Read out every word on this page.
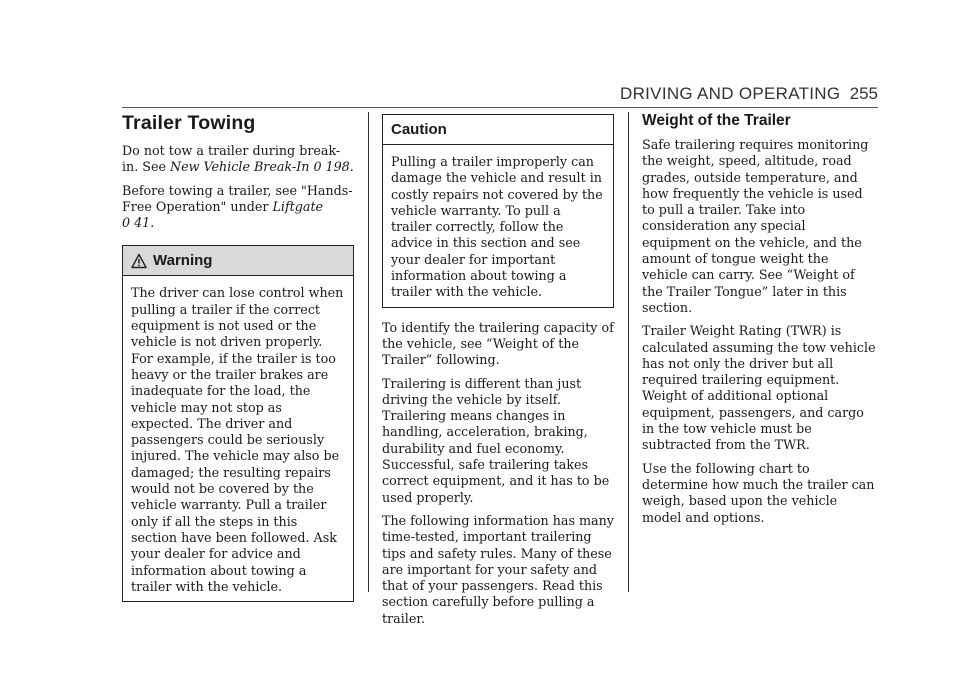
DRIVING AND OPERATING 255
Trailer Towing

Do not tow a trailer during break-in. See New Vehicle Break-In 0 198.

Before towing a trailer, see "Hands-Free Operation" under Liftgate
0 41.

Warning

The driver can lose control when pulling a trailer if the correct equipment is not used or the vehicle is not driven properly. For example, if the trailer is too heavy or the trailer brakes are inadequate for the load, the vehicle may not stop as expected. The driver and passengers could be seriously injured. The vehicle may also be damaged; the resulting repairs would not be covered by the vehicle warranty. Pull a trailer only if all the steps in this section have been followed. Ask your dealer for advice and information about towing a trailer with the vehicle.

Caution

Pulling a trailer improperly can damage the vehicle and result in costly repairs not covered by the vehicle warranty. To pull a trailer correctly, follow the advice in this section and see your dealer for important information about towing a trailer with the vehicle.

To identify the trailering capacity of the vehicle, see “Weight of the Trailer” following.

Trailering is different than just driving the vehicle by itself. Trailering means changes in handling, acceleration, braking, durability and fuel economy. Successful, safe trailering takes correct equipment, and it has to be used properly.

The following information has many time-tested, important trailering tips and safety rules. Many of these are important for your safety and that of your passengers. Read this section carefully before pulling a trailer.

Weight of the Trailer

Safe trailering requires monitoring the weight, speed, altitude, road grades, outside temperature, and how frequently the vehicle is used to pull a trailer. Take into consideration any special equipment on the vehicle, and the amount of tongue weight the vehicle can carry. See “Weight of the Trailer Tongue” later in this section.

Trailer Weight Rating (TWR) is calculated assuming the tow vehicle has not only the driver but all required trailering equipment. Weight of additional optional equipment, passengers, and cargo in the tow vehicle must be subtracted from the TWR.

Use the following chart to determine how much the trailer can weigh, based upon the vehicle model and options.
